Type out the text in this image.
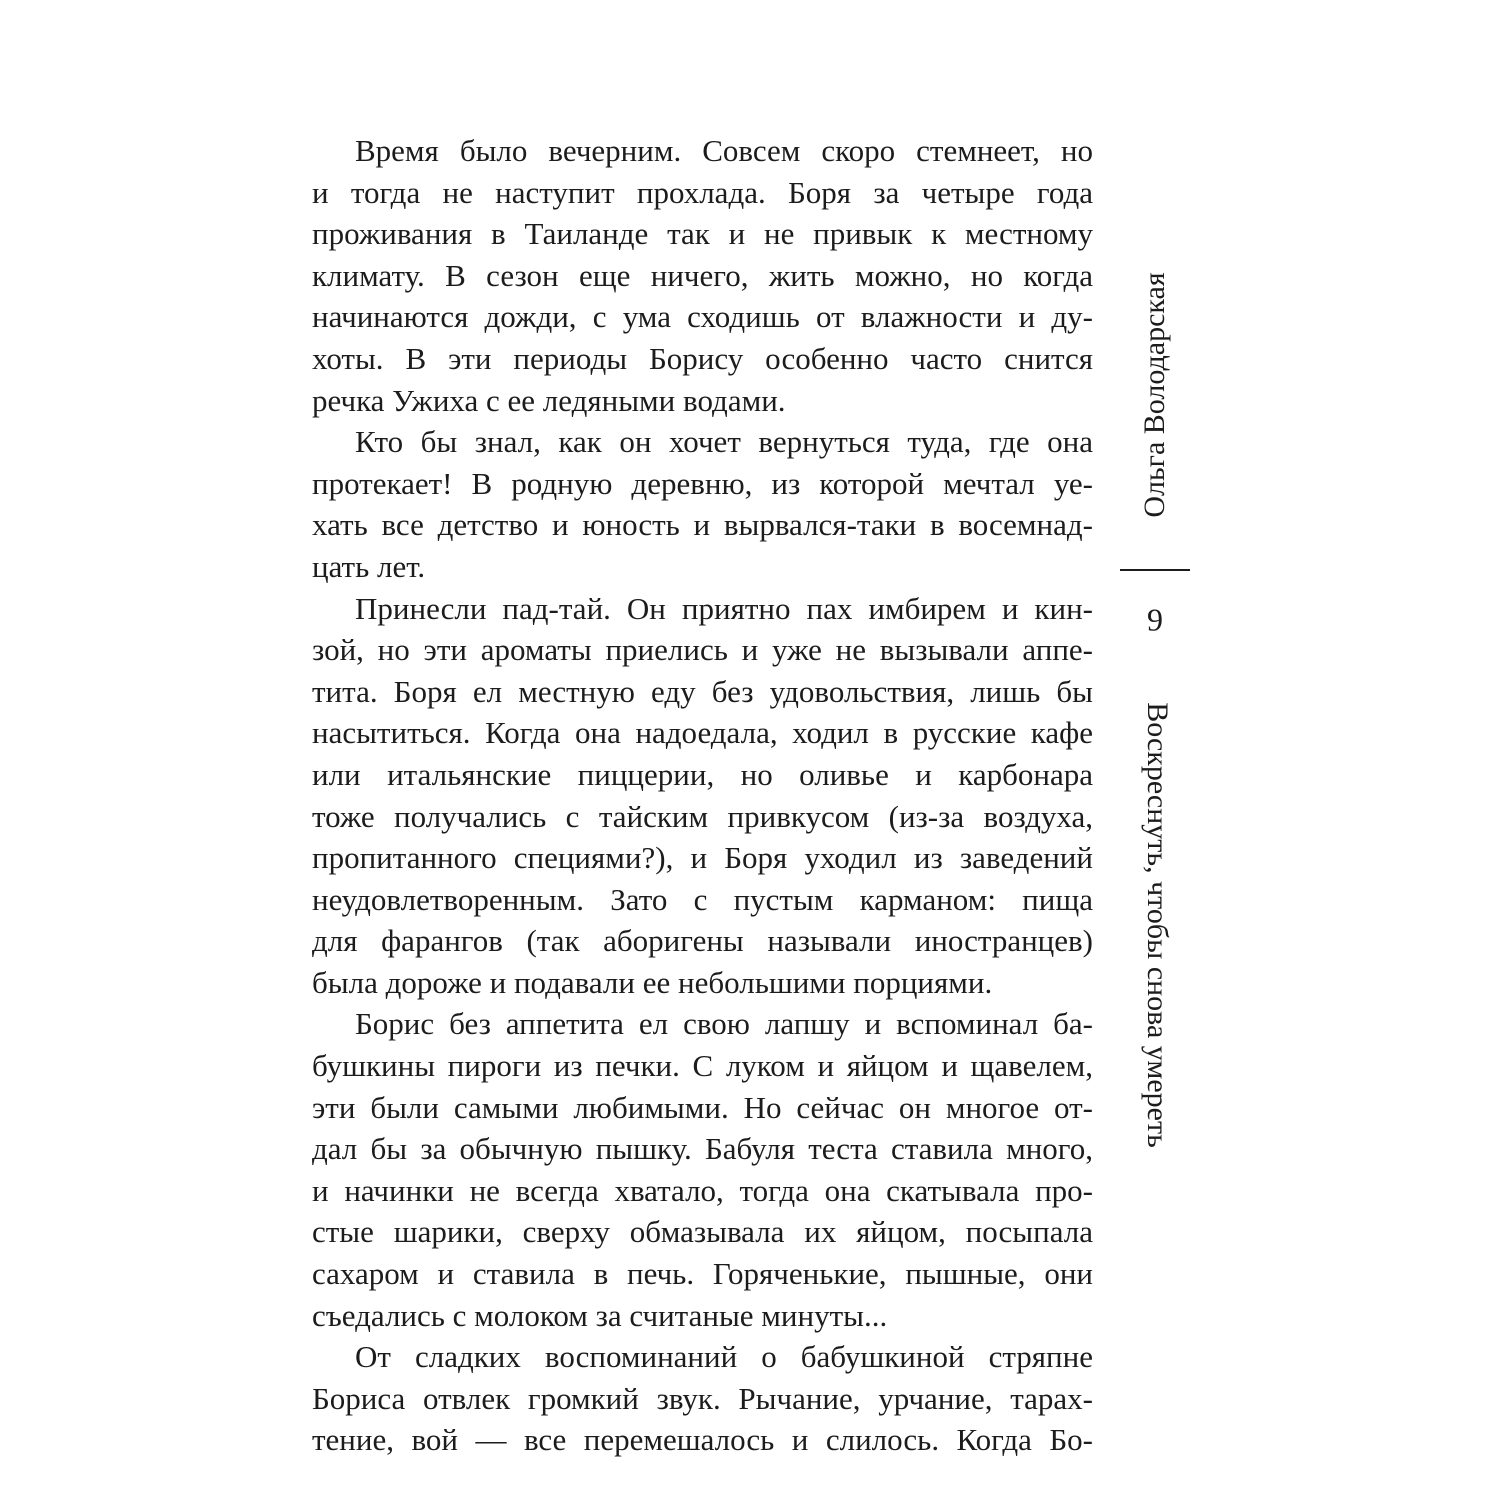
Время было вечерним. Совсем скоро стемнеет, но
и тогда не наступит прохлада. Боря за четыре года
проживания в Таиланде так и не привык к местному
климату. В сезон еще ничего, жить можно, но когда
начинаются дожди, с ума сходишь от влажности и ду-
хоты. В эти периоды Борису особенно часто снится
речка Ужиха с ее ледяными водами.
Кто бы знал, как он хочет вернуться туда, где она
протекает! В родную деревню, из которой мечтал уе-
хать все детство и юность и вырвался-таки в восемнад-
цать лет.
Принесли пад-тай. Он приятно пах имбирем и кин-
зой, но эти ароматы приелись и уже не вызывали аппе-
тита. Боря ел местную еду без удовольствия, лишь бы
насытиться. Когда она надоедала, ходил в русские кафе
или итальянские пиццерии, но оливье и карбонара
тоже получались с тайским привкусом (из-за воздуха,
пропитанного специями?), и Боря уходил из заведений
неудовлетворенным. Зато с пустым карманом: пища
для фарангов (так аборигены называли иностранцев)
была дороже и подавали ее небольшими порциями.
Борис без аппетита ел свою лапшу и вспоминал ба-
бушкины пироги из печки. С луком и яйцом и щавелем,
эти были самыми любимыми. Но сейчас он многое от-
дал бы за обычную пышку. Бабуля теста ставила много,
и начинки не всегда хватало, тогда она скатывала про-
стые шарики, сверху обмазывала их яйцом, посыпала
сахаром и ставила в печь. Горяченькие, пышные, они
съедались с молоком за считаные минуты...
От сладких воспоминаний о бабушкиной стряпне
Бориса отвлек громкий звук. Рычание, урчание, тарах-
тение, вой — все перемешалось и слилось. Когда Бо-
Ольга Володарская
9
Воскреснуть, чтобы снова умереть
